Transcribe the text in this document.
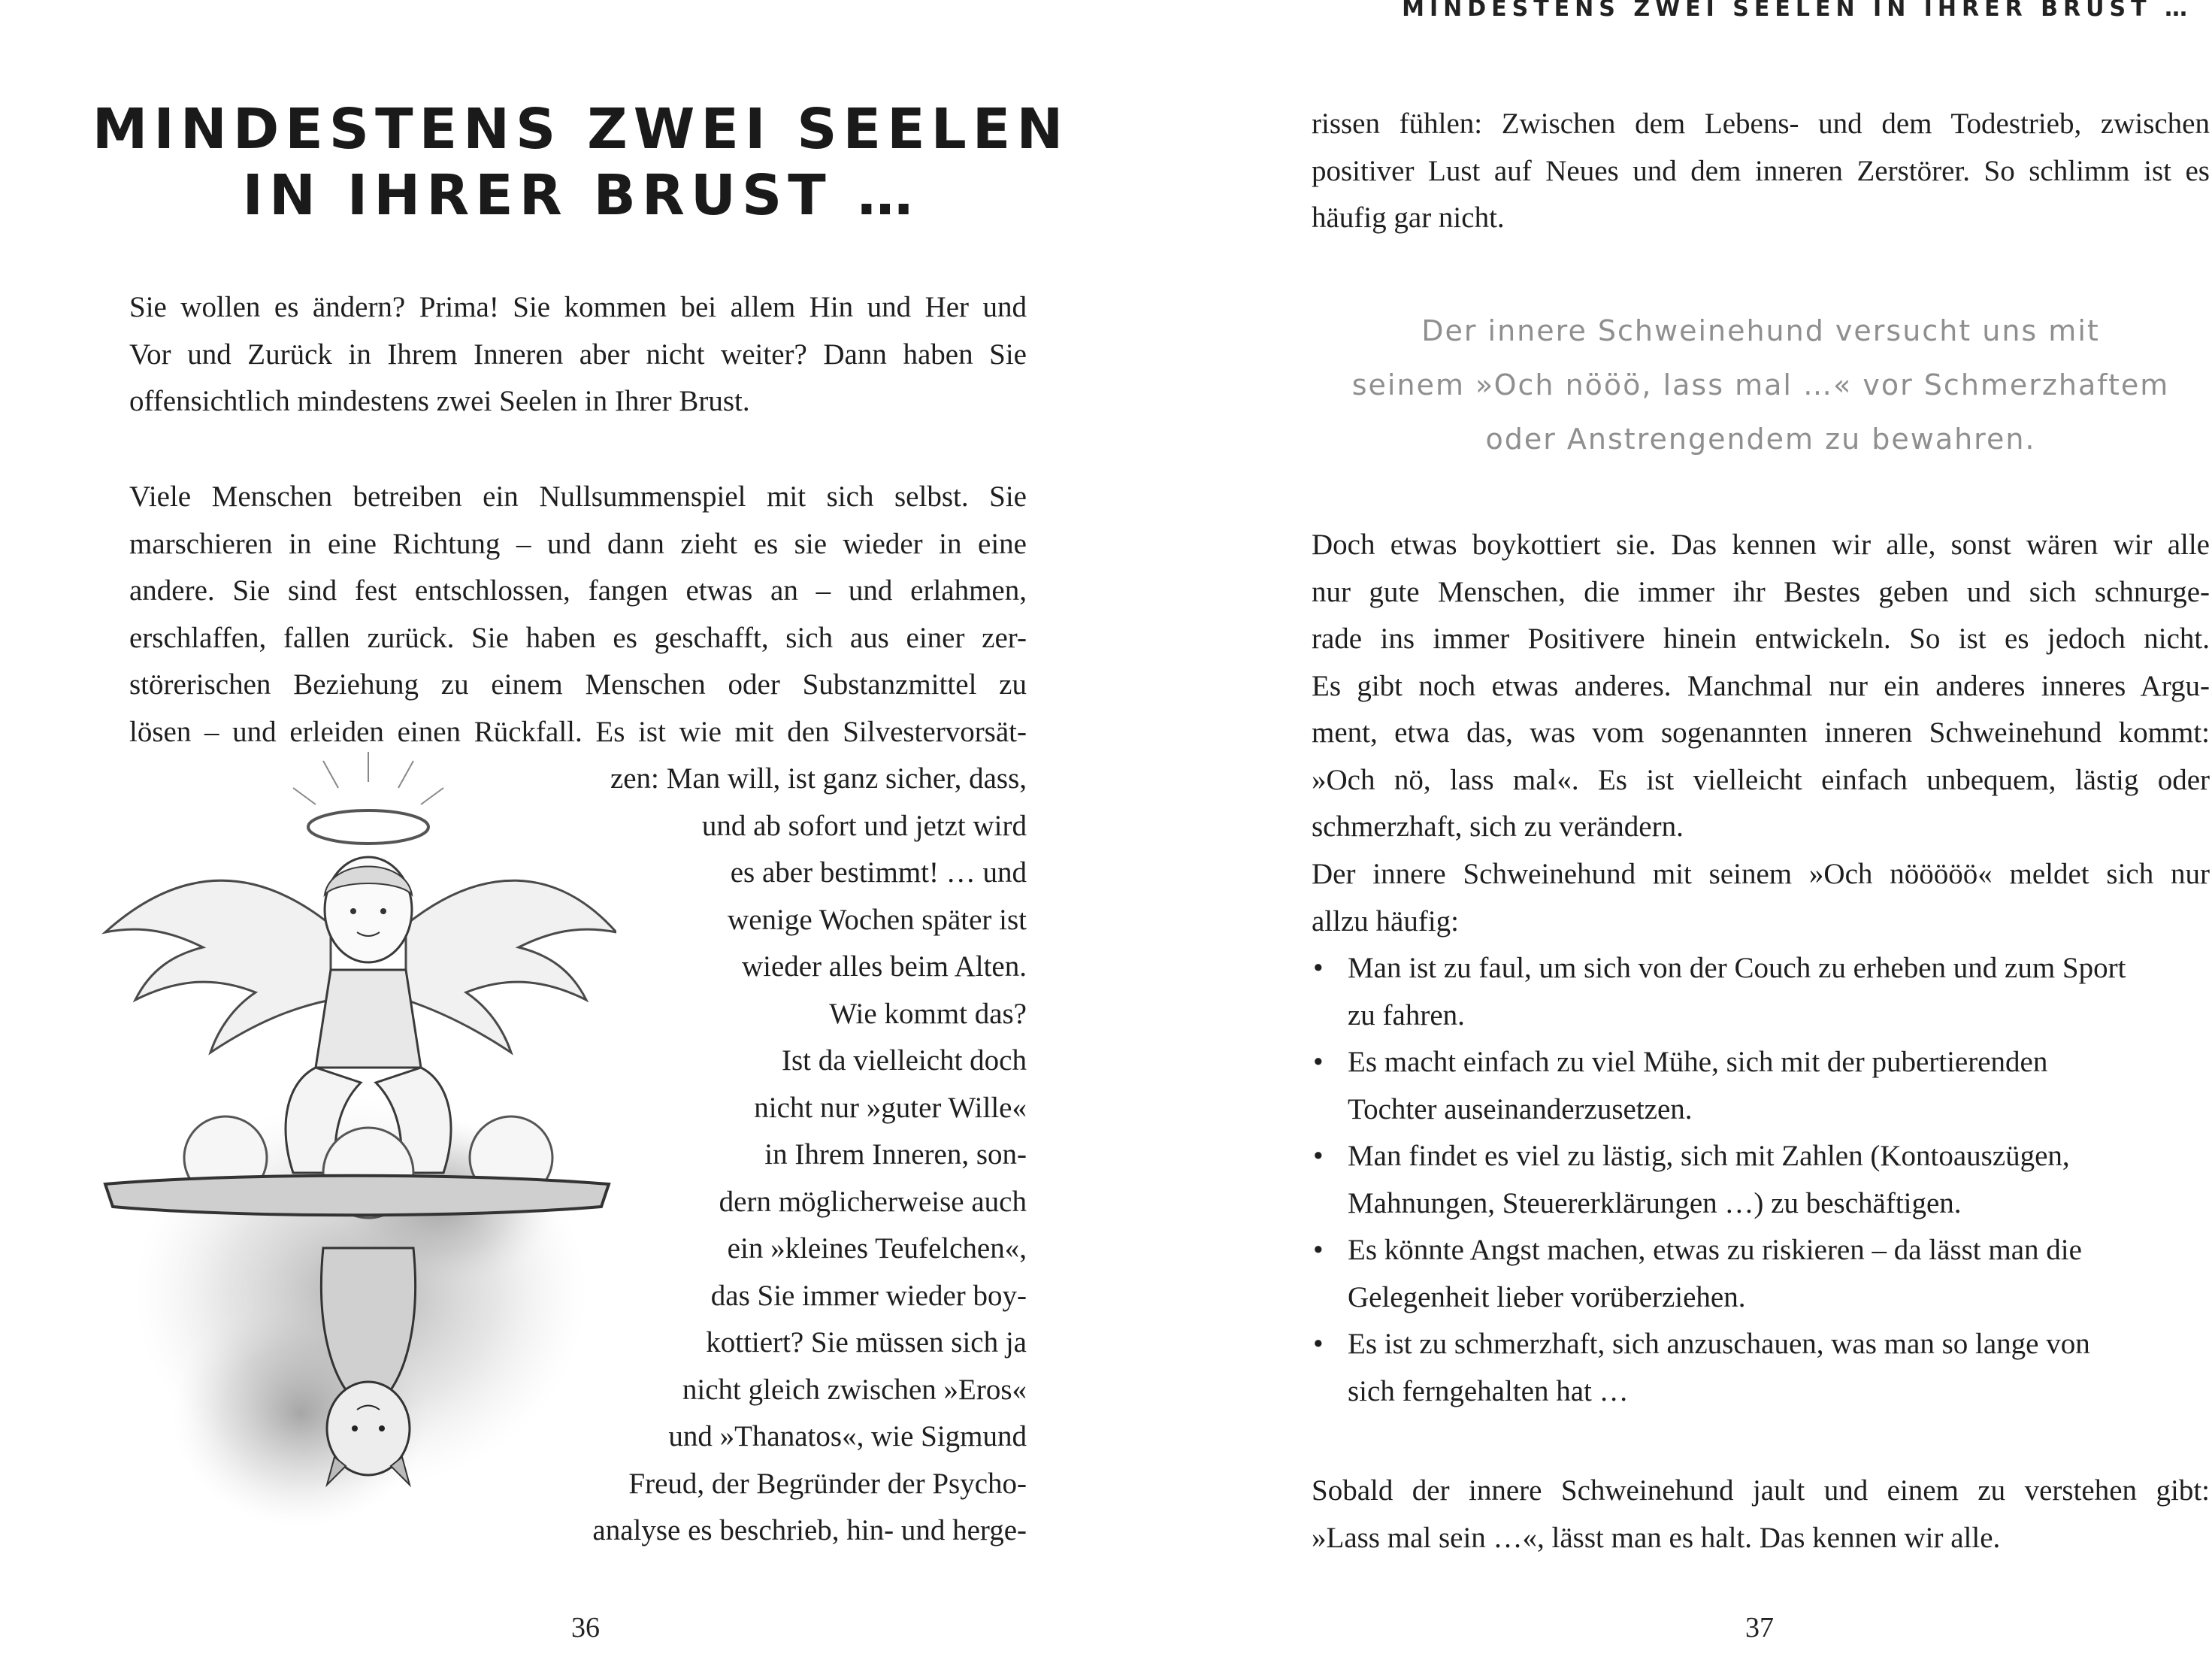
MINDESTENS ZWEI SEELEN
IN IHRER BRUST …

Sie wollen es ändern? Prima! Sie kommen bei allem Hin und Her und
Vor und Zurück in Ihrem Inneren aber nicht weiter? Dann haben Sie
offensichtlich mindestens zwei Seelen in Ihrer Brust.

Viele Menschen betreiben ein Nullsummenspiel mit sich selbst. Sie
marschieren in eine Richtung – und dann zieht es sie wieder in eine
andere. Sie sind fest entschlossen, fangen etwas an – und erlahmen,
erschlaffen, fallen zurück. Sie haben es geschafft, sich aus einer zer-
störerischen Beziehung zu einem Menschen oder Substanzmittel zu
lösen – und erleiden einen Rückfall. Es ist wie mit den Silvestervorsät-

zen: Man will, ist ganz sicher, dass,
und ab sofort und jetzt wird
es aber bestimmt! … und
wenige Wochen später ist
wieder alles beim Alten.
Wie kommt das?
Ist da vielleicht doch
nicht nur »guter Wille«
in Ihrem Inneren, son-
dern möglicherweise auch
ein »kleines Teufelchen«,
das Sie immer wieder boy-
kottiert? Sie müssen sich ja
nicht gleich zwischen »Eros«
und »Thanatos«, wie Sigmund
Freud, der Begründer der Psycho-
analyse es beschrieb, hin- und herge-
36
MINDESTENS ZWEI SEELEN IN IHRER BRUST …

rissen fühlen: Zwischen dem Lebens- und dem Todestrieb, zwischen
positiver Lust auf Neues und dem inneren Zerstörer. So schlimm ist es
häufig gar nicht.

Der innere Schweinehund versucht uns mit
seinem »Och nööö, lass mal …« vor Schmerzhaftem
oder Anstrengendem zu bewahren.

Doch etwas boykottiert sie. Das kennen wir alle, sonst wären wir alle
nur gute Menschen, die immer ihr Bestes geben und sich schnurge-
rade ins immer Positivere hinein entwickeln. So ist es jedoch nicht.
Es gibt noch etwas anderes. Manchmal nur ein anderes inneres Argu-
ment, etwa das, was vom sogenannten inneren Schweinehund kommt:
»Och nö, lass mal«. Es ist vielleicht einfach unbequem, lästig oder
schmerzhaft, sich zu verändern.

Der innere Schweinehund mit seinem »Och nööööö« meldet sich nur
allzu häufig:

• Man ist zu faul, um sich von der Couch zu erheben und zum Sport
zu fahren.
• Es macht einfach zu viel Mühe, sich mit der pubertierenden
Tochter auseinanderzusetzen.
• Man findet es viel zu lästig, sich mit Zahlen (Kontoauszügen,
Mahnungen, Steuererklärungen …) zu beschäftigen.
• Es könnte Angst machen, etwas zu riskieren – da lässt man die
Gelegenheit lieber vorüberziehen.
• Es ist zu schmerzhaft, sich anzuschauen, was man so lange von
sich ferngehalten hat …

Sobald der innere Schweinehund jault und einem zu verstehen gibt:
»Lass mal sein …«, lässt man es halt. Das kennen wir alle.

37
